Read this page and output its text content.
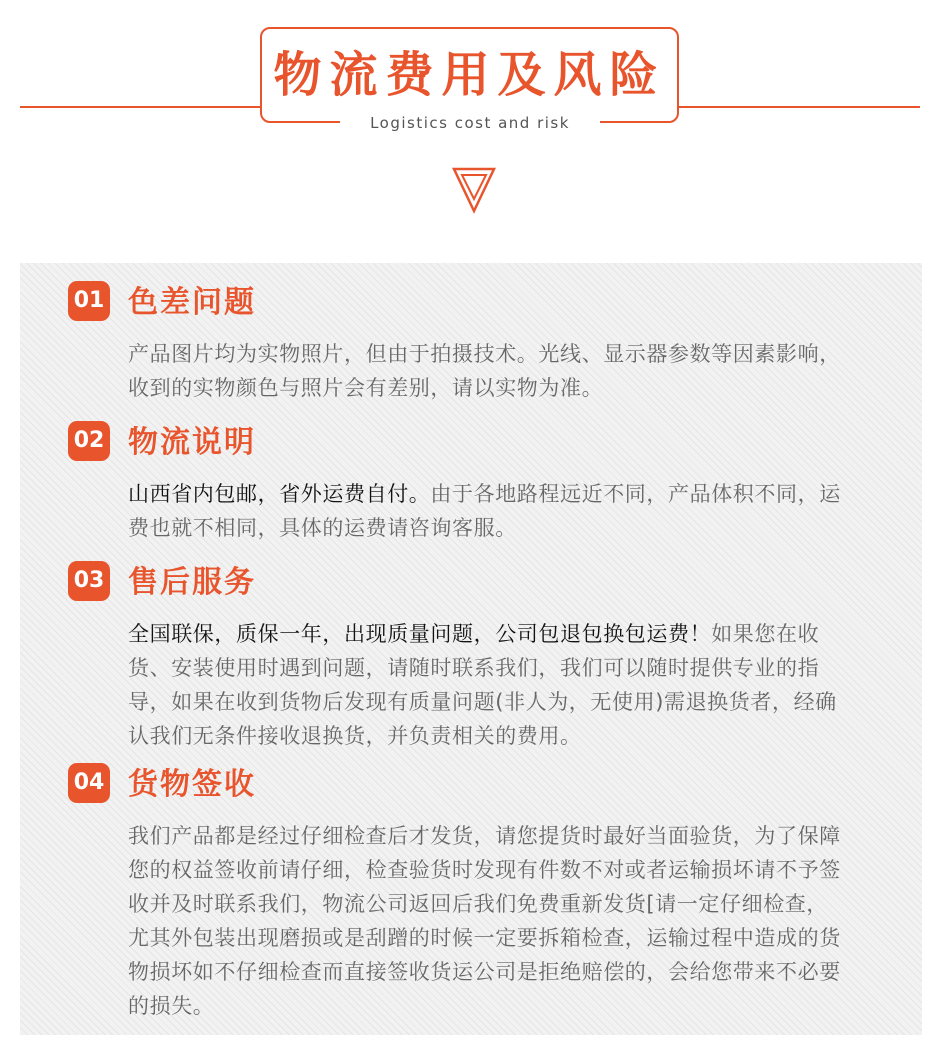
物流费用及风险
Logistics cost and risk
01 色差问题
产品图片均为实物照片，但由于拍摄技术。光线、显示器参数等因素影响，收到的实物颜色与照片会有差别，请以实物为准。
02 物流说明
山西省内包邮，省外运费自付。由于各地路程远近不同，产品体积不同，运费也就不相同，具体的运费请咨询客服。
03 售后服务
全国联保，质保一年，出现质量问题，公司包退包换包运费！如果您在收货、安装使用时遇到问题，请随时联系我们，我们可以随时提供专业的指导，如果在收到货物后发现有质量问题(非人为，无使用)需退换货者，经确认我们无条件接收退换货，并负责相关的费用。
04 货物签收
我们产品都是经过仔细检查后才发货，请您提货时最好当面验货，为了保障您的权益签收前请仔细，检查验货时发现有件数不对或者运输损坏请不予签收并及时联系我们，物流公司返回后我们免费重新发货[请一定仔细检查，尤其外包装出现磨损或是刮蹭的时候一定要拆箱检查，运输过程中造成的货物损坏如不仔细检查而直接签收货运公司是拒绝赔偿的，会给您带来不必要的损失。
